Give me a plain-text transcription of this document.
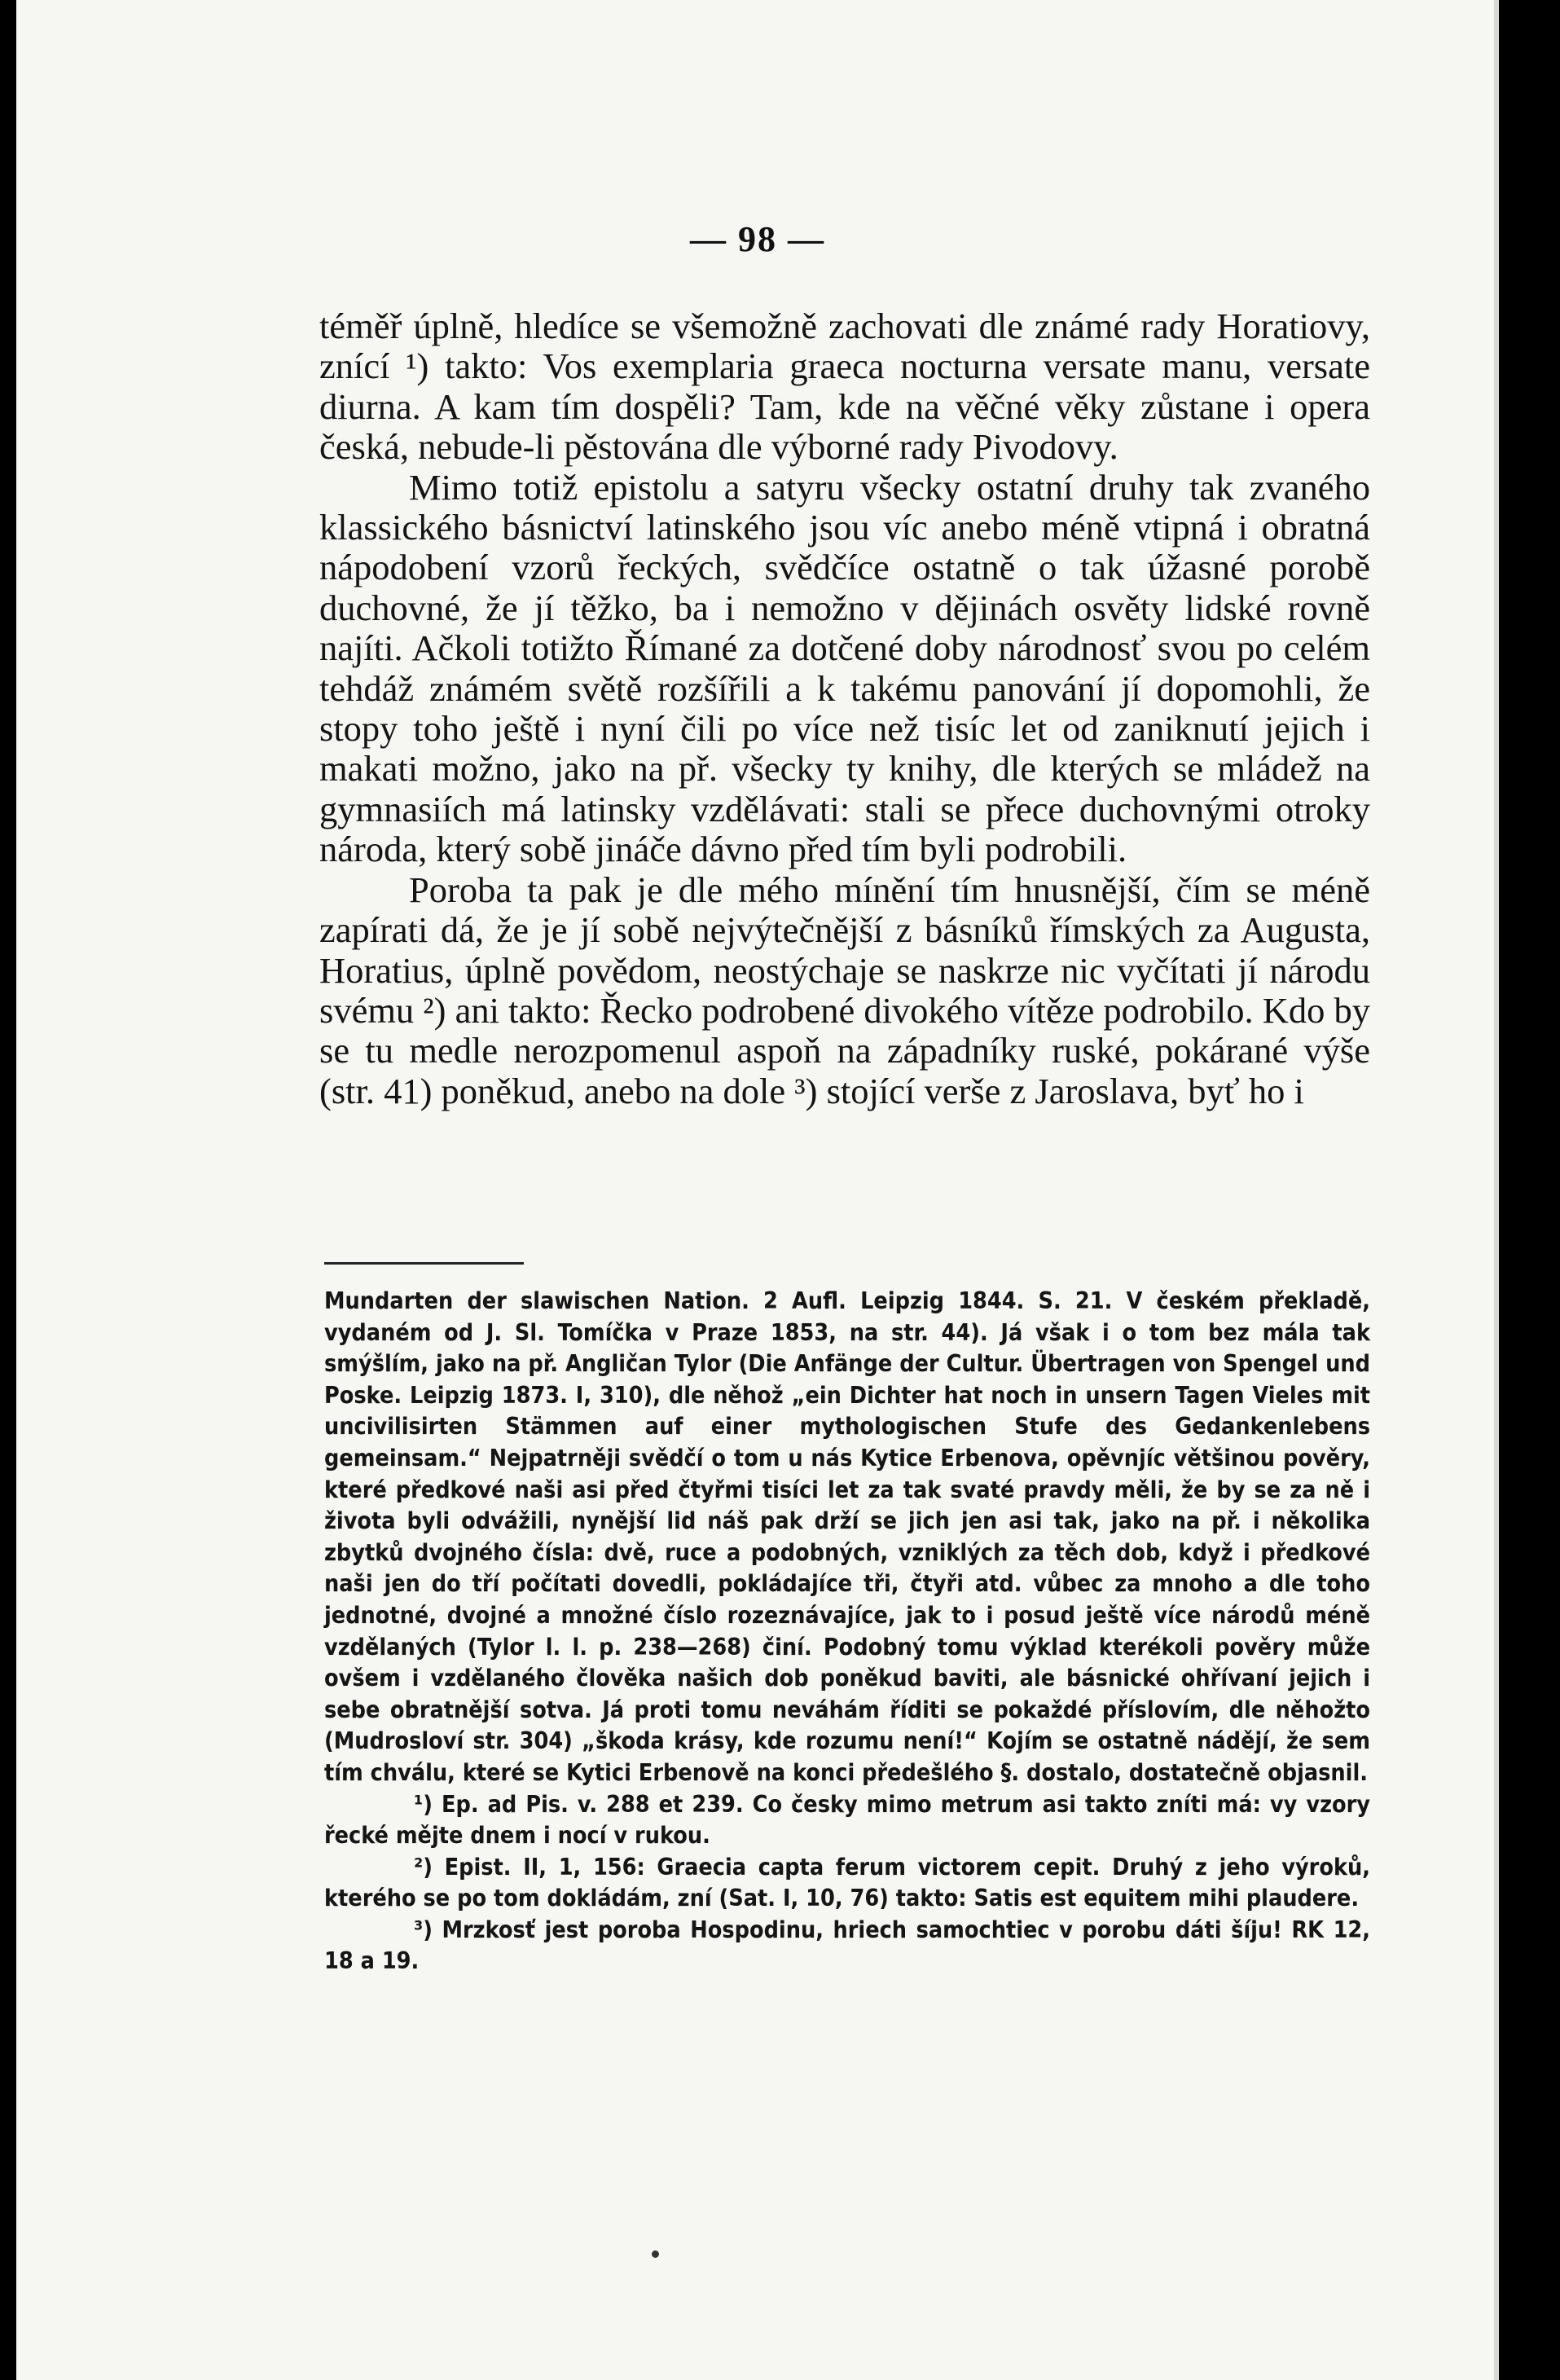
— 98 —

téměř úplně, hledíce se všemožně zachovati dle známé rady Horatiovy, znící ¹) takto: Vos exemplaria graeca nocturna versate manu, versate diurna. A kam tím dospěli? Tam, kde na věčné věky zůstane i opera česká, nebude-li pěstována dle výborné rady Pivodovy.

Mimo totiž epistolu a satyru všecky ostatní druhy tak zvaného klassického básnictví latinského jsou víc anebo méně vtipná i obratná nápodobení vzorů řeckých, svědčíce ostatně o tak úžasné porobě duchovné, že jí těžko, ba i nemožno v dějinách osvěty lidské rovně najíti. Ačkoli totižto Římané za dotčené doby národnosť svou po celém tehdáž známém světě rozšířili a k takému panování jí dopomohli, že stopy toho ještě i nyní čili po více než tisíc let od zaniknutí jejich i makati možno, jako na př. všecky ty knihy, dle kterých se mládež na gymnasiích má latinsky vzdělávati: stali se přece duchovnými otroky národa, který sobě jináče dávno před tím byli podrobili.

Poroba ta pak je dle mého mínění tím hnusnější, čím se méně zapírati dá, že je jí sobě nejvýtečnější z básníků římských za Augusta, Horatius, úplně povědom, neostýchaje se naskrze nic vyčítati jí národu svému ²) ani takto: Řecko podrobené divokého vítěze podrobilo. Kdo by se tu medle nerozpomenul aspoň na západníky ruské, pokárané výše (str. 41) poněkud, anebo na dole ³) stojící verše z Jaroslava, byť ho i

Mundarten der slawischen Nation. 2 Aufl. Leipzig 1844. S. 21. V českém překladě, vydaném od J. Sl. Tomíčka v Praze 1853, na str. 44). Já však i o tom bez mála tak smýšlím, jako na př. Angličan Tylor (Die Anfänge der Cultur. Übertragen von Spengel und Poske. Leipzig 1873. I, 310), dle něhož „ein Dichter hat noch in unsern Tagen Vieles mit uncivilisirten Stämmen auf einer mythologischen Stufe des Gedankenlebens gemeinsam.“ Nejpatrněji svědčí o tom u nás Kytice Erbenova, opěvnjíc většinou pověry, které předkové naši asi před čtyřmi tisíci let za tak svaté pravdy měli, že by se za ně i života byli odvážili, nynější lid náš pak drží se jich jen asi tak, jako na př. i několika zbytků dvojného čísla: dvě, ruce a podobných, vzniklých za těch dob, když i předkové naši jen do tří počítati dovedli, pokládajíce tři, čtyři atd. vůbec za mnoho a dle toho jednotné, dvojné a množné číslo rozeznávajíce, jak to i posud ještě více národů méně vzdělaných (Tylor l. l. p. 238—268) činí. Podobný tomu výklad kterékoli pověry může ovšem i vzdělaného člověka našich dob poněkud baviti, ale básnické ohřívaní jejich i sebe obratnější sotva. Já proti tomu neváhám říditi se pokaždé příslovím, dle něhožto (Mudrosloví str. 304) „škoda krásy, kde rozumu není!“ Kojím se ostatně nádějí, že sem tím chválu, které se Kytici Erbenově na konci předešlého §. dostalo, dostatečně objasnil.

¹) Ep. ad Pis. v. 288 et 239. Co česky mimo metrum asi takto zníti má: vy vzory řecké mějte dnem i nocí v rukou.

²) Epist. II, 1, 156: Graecia capta ferum victorem cepit. Druhý z jeho výroků, kterého se po tom dokládám, zní (Sat. I, 10, 76) takto: Satis est equitem mihi plaudere.

³) Mrzkosť jest poroba Hospodinu, hriech samochtiec v porobu dáti šíju! RK 12, 18 a 19.
